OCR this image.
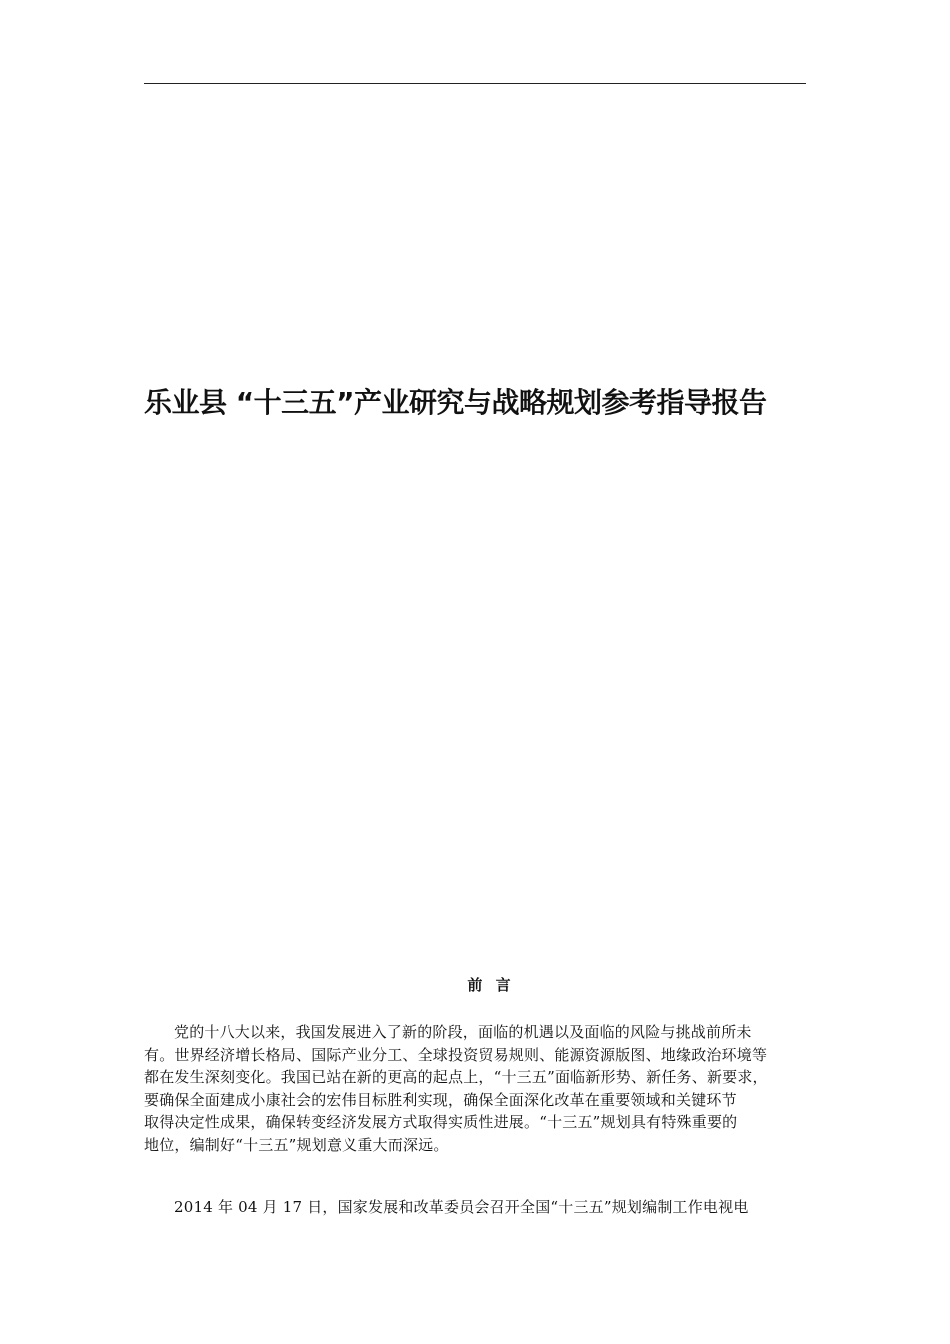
乐业县 “十三五”产业研究与战略规划参考指导报告
前 言
党的十八大以来，我国发展进入了新的阶段，面临的机遇以及面临的风险与挑战前所未
有。世界经济增长格局、国际产业分工、全球投资贸易规则、能源资源版图、地缘政治环境等
都在发生深刻变化。我国已站在新的更高的起点上，“十三五”面临新形势、新任务、新要求，
要确保全面建成小康社会的宏伟目标胜利实现，确保全面深化改革在重要领域和关键环节
取得决定性成果，确保转变经济发展方式取得实质性进展。“十三五”规划具有特殊重要的
地位，编制好“十三五”规划意义重大而深远。
2014 年 04 月 17 日，国家发展和改革委员会召开全国“十三五”规划编制工作电视电
